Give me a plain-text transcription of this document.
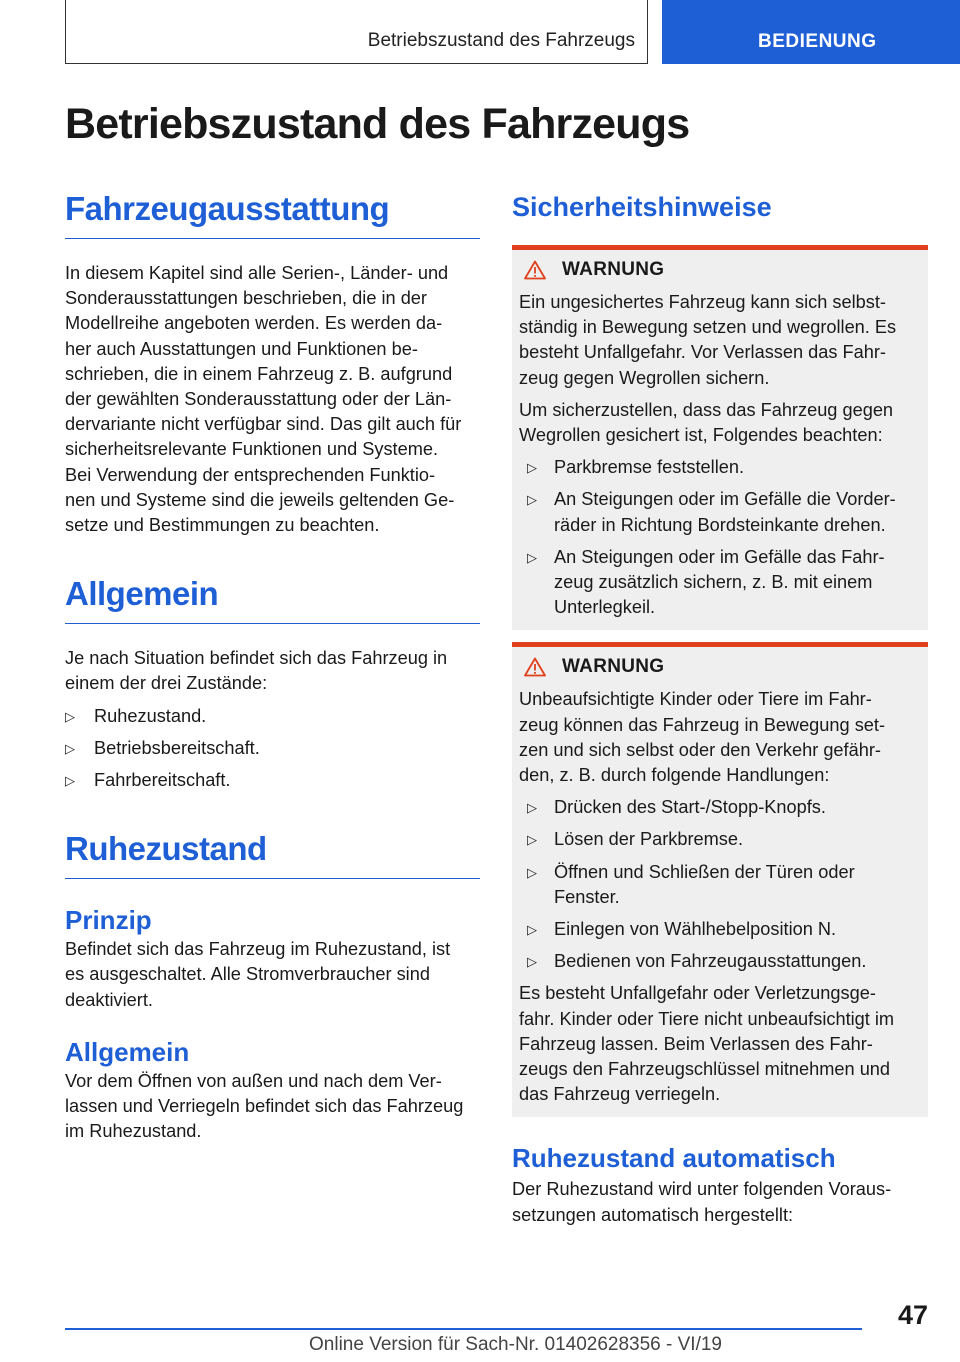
Betriebszustand des Fahrzeugs	BEDIENUNG
Betriebszustand des Fahrzeugs
Fahrzeugausstattung

In diesem Kapitel sind alle Serien-, Länder- und

Sonderausstattungen beschrieben, die in der

Modellreihe angeboten werden. Es werden da-

her auch Ausstattungen und Funktionen be-

schrieben, die in einem Fahrzeug z. B. aufgrund

der gewählten Sonderausstattung oder der Län-

dervariante nicht verfügbar sind. Das gilt auch für

sicherheitsrelevante Funktionen und Systeme.

Bei Verwendung der entsprechenden Funktio-

nen und Systeme sind die jeweils geltenden Ge-

setze und Bestimmungen zu beachten.

Allgemein

Je nach Situation befindet sich das Fahrzeug in

einem der drei Zustände:

▷ Ruhezustand.
▷ Betriebsbereitschaft.
▷ Fahrbereitschaft.
Ruhezustand
Prinzip

Befindet sich das Fahrzeug im Ruhezustand, ist

es ausgeschaltet. Alle Stromverbraucher sind

deaktiviert.

Allgemein

Vor dem Öffnen von außen und nach dem Ver-

lassen und Verriegeln befindet sich das Fahrzeug

im Ruhezustand.

Sicherheitshinweise
WARNUNG

Ein ungesichertes Fahrzeug kann sich selbst-

ständig in Bewegung setzen und wegrollen. Es

besteht Unfallgefahr. Vor Verlassen das Fahr-

zeug gegen Wegrollen sichern.

Um sicherzustellen, dass das Fahrzeug gegen

Wegrollen gesichert ist, Folgendes beachten:

▷ Parkbremse feststellen.
▷ An Steigungen oder im Gefälle die Vorder-
räder in Richtung Bordsteinkante drehen.
▷ An Steigungen oder im Gefälle das Fahr-
zeug zusätzlich sichern, z. B. mit einem
Unterlegkeil.
WARNUNG

Unbeaufsichtigte Kinder oder Tiere im Fahr-

zeug können das Fahrzeug in Bewegung set-

zen und sich selbst oder den Verkehr gefähr-

den, z. B. durch folgende Handlungen:

▷ Drücken des Start-/Stopp-Knopfs.
▷ Lösen der Parkbremse.
▷ Öffnen und Schließen der Türen oder
Fenster.
▷ Einlegen von Wählhebelposition N.
▷ Bedienen von Fahrzeugausstattungen.

Es besteht Unfallgefahr oder Verletzungsge-

fahr. Kinder oder Tiere nicht unbeaufsichtigt im

Fahrzeug lassen. Beim Verlassen des Fahr-

zeugs den Fahrzeugschlüssel mitnehmen und

das Fahrzeug verriegeln.

Ruhezustand automatisch

Der Ruhezustand wird unter folgenden Voraus-

setzungen automatisch hergestellt:

47
Online Version für Sach-Nr. 01402628356 - VI/19
